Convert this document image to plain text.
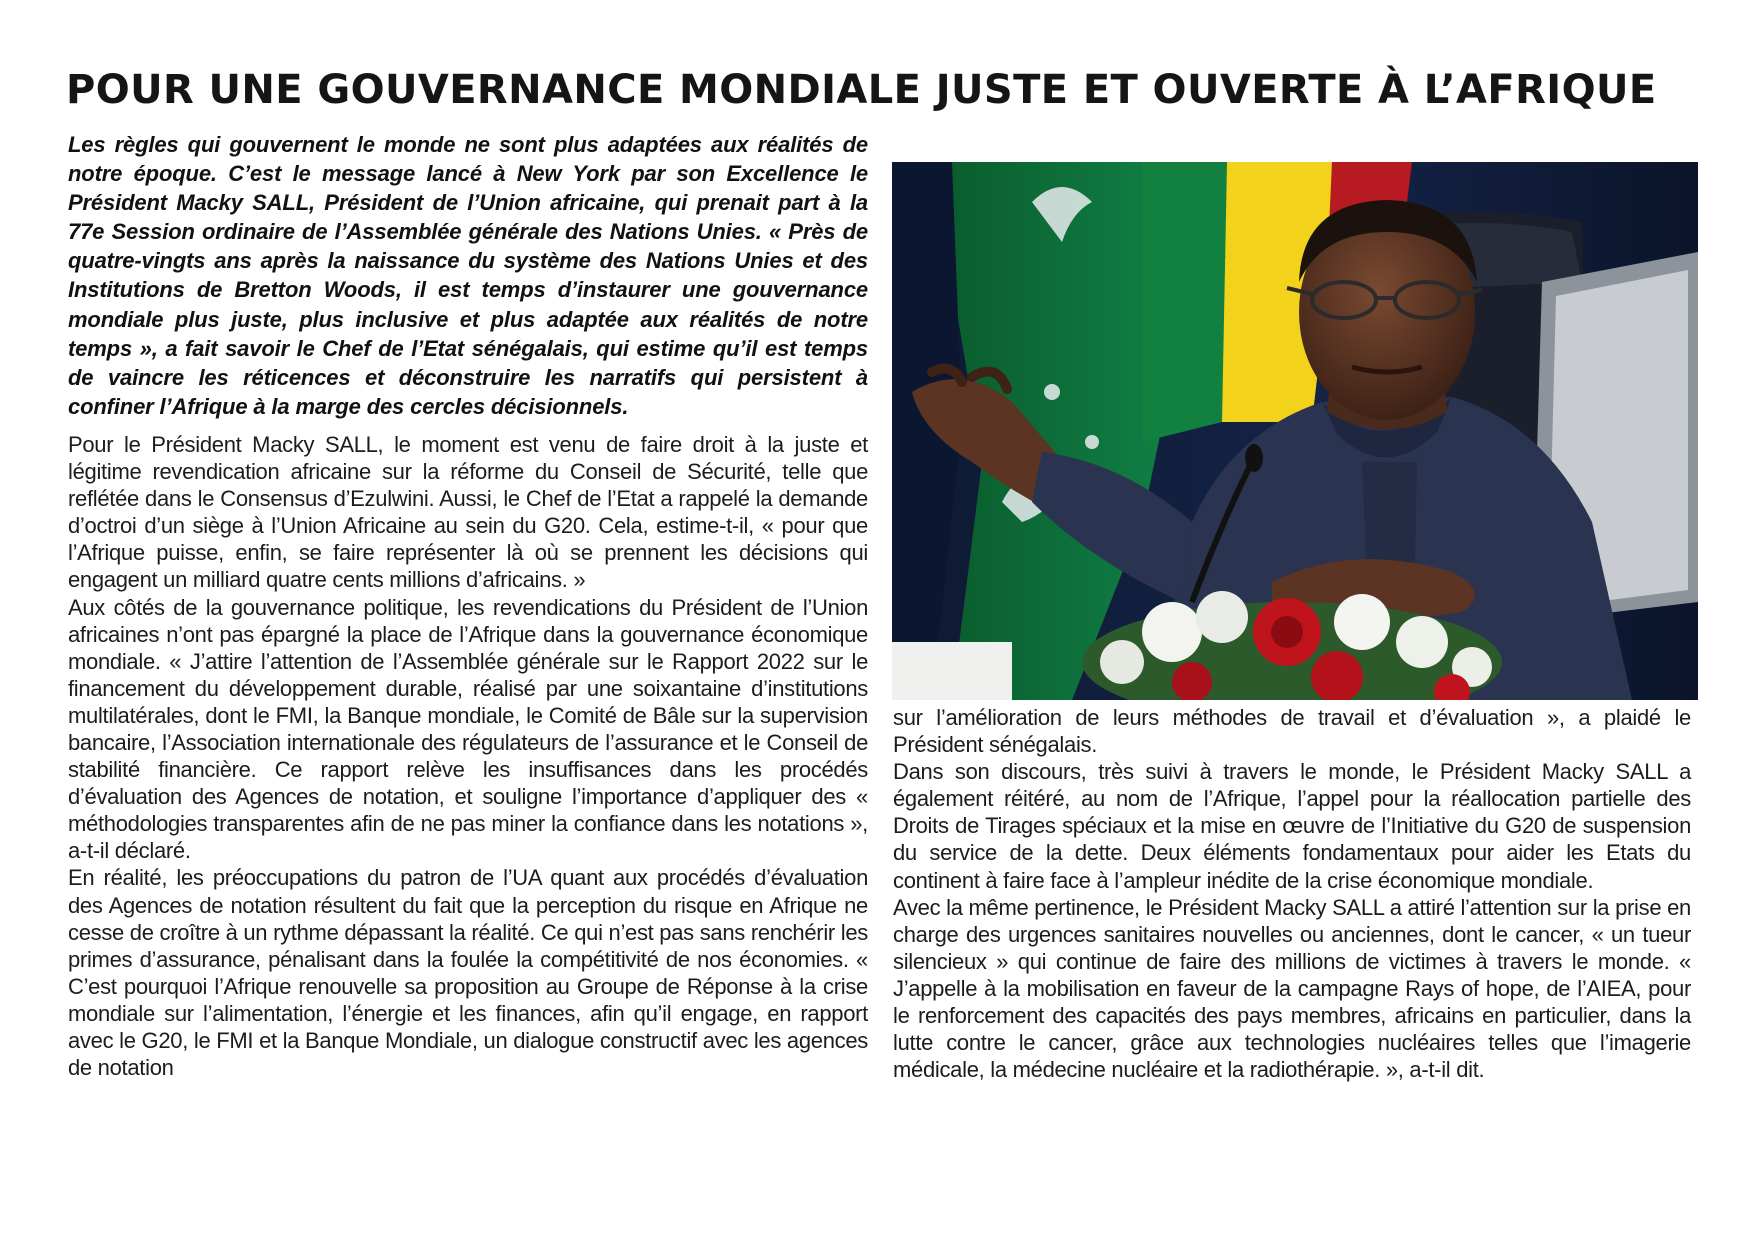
POUR UNE GOUVERNANCE MONDIALE JUSTE ET OUVERTE À L’AFRIQUE

Les règles qui gouvernent le monde ne sont plus adaptées aux réalités de notre époque. C’est le message lancé à New York par son Excellence le Président Macky SALL, Président de l’Union africaine, qui prenait part à la 77e Session ordinaire de l’Assemblée générale des Nations Unies. « Près de quatre-vingts ans après la naissance du système des Nations Unies et des Institutions de Bretton Woods, il est temps d’instaurer une gouvernance mondiale plus juste, plus inclusive et plus adaptée aux réalités de notre temps », a fait savoir le Chef de l’Etat sénégalais, qui estime qu’il est temps de vaincre les réticences et déconstruire les narratifs qui persistent à confiner l’Afrique à la marge des cercles décisionnels.

Pour le Président Macky SALL, le moment est venu de faire droit à la juste et légitime revendication africaine sur la réforme du Conseil de Sécurité, telle que reflétée dans le Consensus d’Ezulwini. Aussi, le Chef de l’Etat a rappelé la demande d’octroi d’un siège à l’Union Africaine au sein du G20. Cela, estime-t-il, « pour que l’Afrique puisse, enfin, se faire représenter là où se prennent les décisions qui engagent un milliard quatre cents millions d’africains. »

Aux côtés de la gouvernance politique, les revendications du Président de l’Union africaines n’ont pas épargné la place de l’Afrique dans la gouvernance économique mondiale. « J’attire l’attention de l’Assemblée générale sur le Rapport 2022 sur le financement du développement durable, réalisé par une soixantaine d’institutions multilatérales, dont le FMI, la Banque mondiale, le Comité de Bâle sur la supervision bancaire, l’Association internationale des régulateurs de l’assurance et le Conseil de stabilité financière. Ce rapport relève les insuffisances dans les procédés d’évaluation des Agences de notation, et souligne l’importance d’appliquer des « méthodologies transparentes afin de ne pas miner la confiance dans les notations », a-t-il déclaré.

En réalité, les préoccupations du patron de l’UA quant aux procédés d’évaluation des Agences de notation résultent du fait que la perception du risque en Afrique ne cesse de croître à un rythme dépassant la réalité. Ce qui n’est pas sans renchérir les primes d’assurance, pénalisant dans la foulée la compétitivité de nos économies. « C’est pourquoi l’Afrique renouvelle sa proposition au Groupe de Réponse à la crise mondiale sur l’alimentation, l’énergie et les finances, afin qu’il engage, en rapport avec le G20, le FMI et la Banque Mondiale, un dialogue constructif avec les agences de notation

sur l’amélioration de leurs méthodes de travail et d’évaluation », a plaidé le Président sénégalais.

Dans son discours, très suivi à travers le monde, le Président Macky SALL a également réitéré, au nom de l’Afrique, l’appel pour la réallocation partielle des Droits de Tirages spéciaux et la mise en œuvre de l’Initiative du G20 de suspension du service de la dette. Deux éléments fondamentaux pour aider les Etats du continent à faire face à l’ampleur inédite de la crise économique mondiale.

Avec la même pertinence, le Président Macky SALL a attiré l’attention sur la prise en charge des urgences sanitaires nouvelles ou anciennes, dont le cancer, « un tueur silencieux » qui continue de faire des millions de victimes à travers le monde. « J’appelle à la mobilisation en faveur de la campagne Rays of hope, de l’AIEA, pour le renforcement des capacités des pays membres, africains en particulier, dans la lutte contre le cancer, grâce aux technologies nucléaires telles que l’imagerie médicale, la médecine nucléaire et la radiothérapie. », a-t-il dit.
